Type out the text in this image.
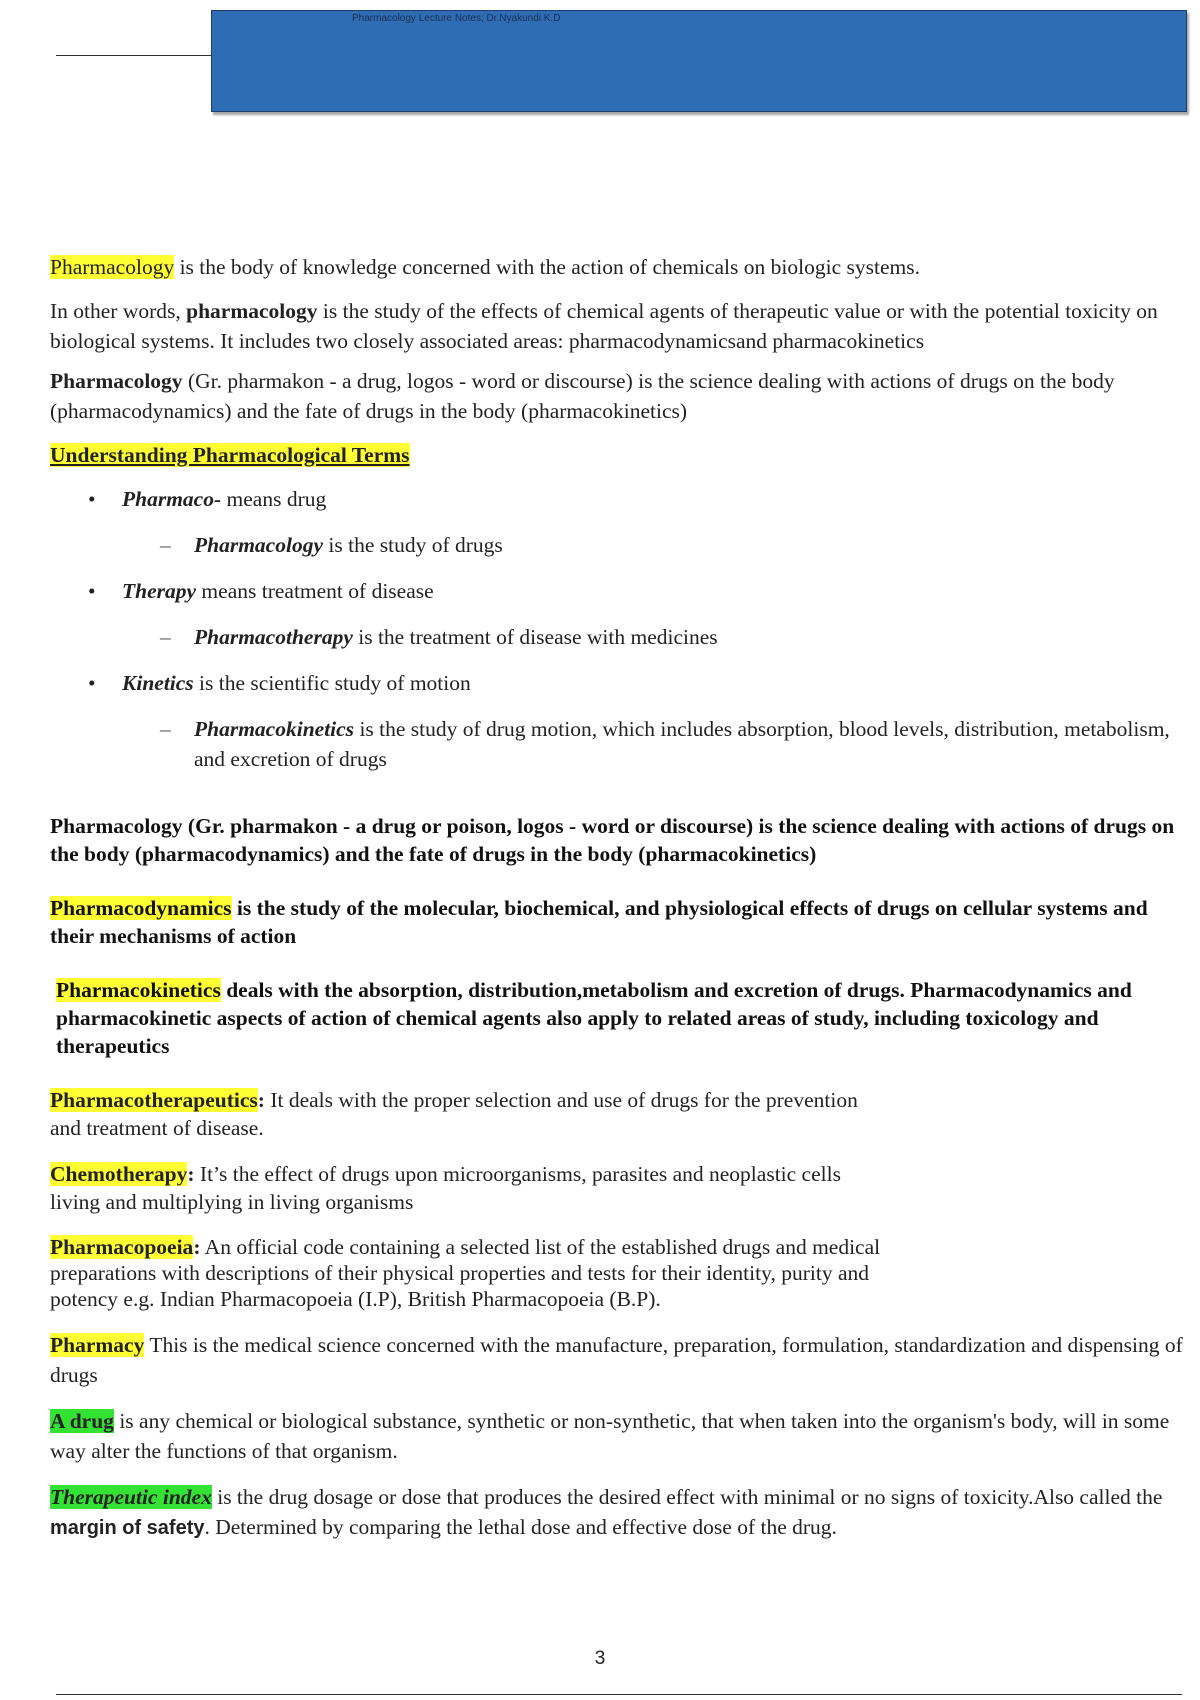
Pharmacology Lecture Notes; Dr.Nyakundi K.D

Pharmacology is the body of knowledge concerned with the action of chemicals on biologic systems.

In other words, pharmacology is the study of the effects of chemical agents of therapeutic value or with the potential toxicity on biological systems. It includes two closely associated areas: pharmacodynamicsand pharmacokinetics

Pharmacology (Gr. pharmakon - a drug, logos - word or discourse) is the science dealing with actions of drugs on the body (pharmacodynamics) and the fate of drugs in the body (pharmacokinetics)

Understanding Pharmacological Terms

• Pharmaco- means drug
– Pharmacology is the study of drugs
• Therapy means treatment of disease
– Pharmacotherapy is the treatment of disease with medicines
• Kinetics is the scientific study of motion
– Pharmacokinetics is the study of drug motion, which includes absorption, blood levels, distribution, metabolism, and excretion of drugs

Pharmacology (Gr. pharmakon - a drug or poison, logos - word or discourse) is the science dealing with actions of drugs on the body (pharmacodynamics) and the fate of drugs in the body (pharmacokinetics)

Pharmacodynamics is the study of the molecular, biochemical, and physiological effects of drugs on cellular systems and their mechanisms of action

Pharmacokinetics deals with the absorption, distribution,metabolism and excretion of drugs. Pharmacodynamics and pharmacokinetic aspects of action of chemical agents also apply to related areas of study, including toxicology and therapeutics

Pharmacotherapeutics: It deals with the proper selection and use of drugs for the prevention and treatment of disease.

Chemotherapy: It’s the effect of drugs upon microorganisms, parasites and neoplastic cells living and multiplying in living organisms

Pharmacopoeia: An official code containing a selected list of the established drugs and medical preparations with descriptions of their physical properties and tests for their identity, purity and potency e.g. Indian Pharmacopoeia (I.P), British Pharmacopoeia (B.P).

Pharmacy This is the medical science concerned with the manufacture, preparation, formulation, standardization and dispensing of drugs

A drug is any chemical or biological substance, synthetic or non-synthetic, that when taken into the organism's body, will in some way alter the functions of that organism.

Therapeutic index is the drug dosage or dose that produces the desired effect with minimal or no signs of toxicity.Also called the margin of safety. Determined by comparing the lethal dose and effective dose of the drug.

3
